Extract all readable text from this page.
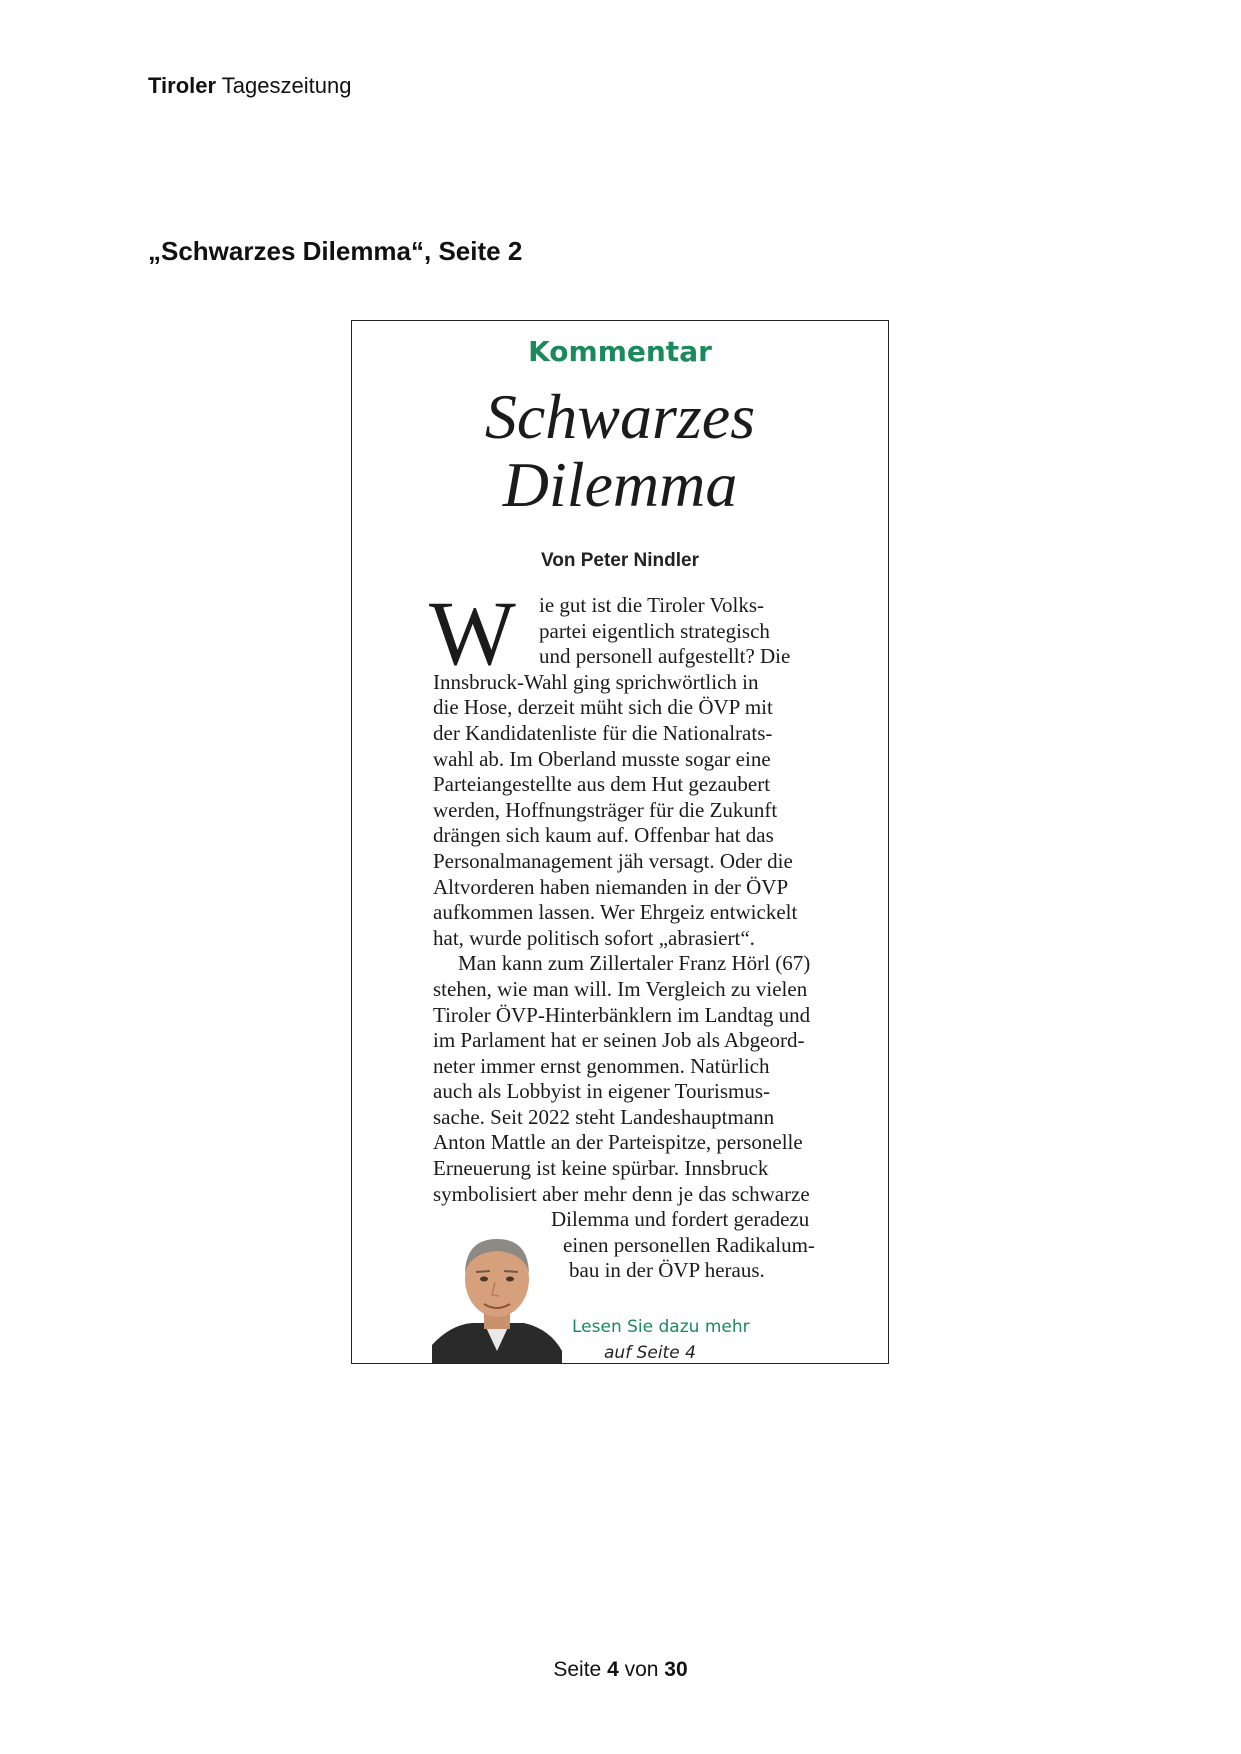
Tiroler Tageszeitung
„Schwarzes Dilemma“, Seite 2
Kommentar
Schwarzes
Dilemma
Von Peter Nindler
W	ie gut ist die Tiroler Volks-
partei eigentlich strategisch
und personell aufgestellt? Die
Innsbruck-Wahl ging sprichwörtlich in
die Hose, derzeit müht sich die ÖVP mit
der Kandidatenliste für die Nationalrats-
wahl ab. Im Oberland musste sogar eine
Parteiangestellte aus dem Hut gezaubert
werden, Hoffnungsträger für die Zukunft
drängen sich kaum auf. Offenbar hat das
Personalmanagement jäh versagt. Oder die
Altvorderen haben niemanden in der ÖVP
aufkommen lassen. Wer Ehrgeiz entwickelt
hat, wurde politisch sofort „abrasiert“.
Man kann zum Zillertaler Franz Hörl (67)
stehen, wie man will. Im Vergleich zu vielen
Tiroler ÖVP-Hinterbänklern im Landtag und
im Parlament hat er seinen Job als Abgeord-
neter immer ernst genommen. Natürlich
auch als Lobbyist in eigener Tourismus-
sache. Seit 2022 steht Landeshauptmann
Anton Mattle an der Parteispitze, personelle
Erneuerung ist keine spürbar. Innsbruck
symbolisiert aber mehr denn je das schwarze
Dilemma und fordert geradezu
einen personellen Radikalum-
bau in der ÖVP heraus.
Lesen Sie dazu mehr
auf Seite 4
Seite 4 von 30
